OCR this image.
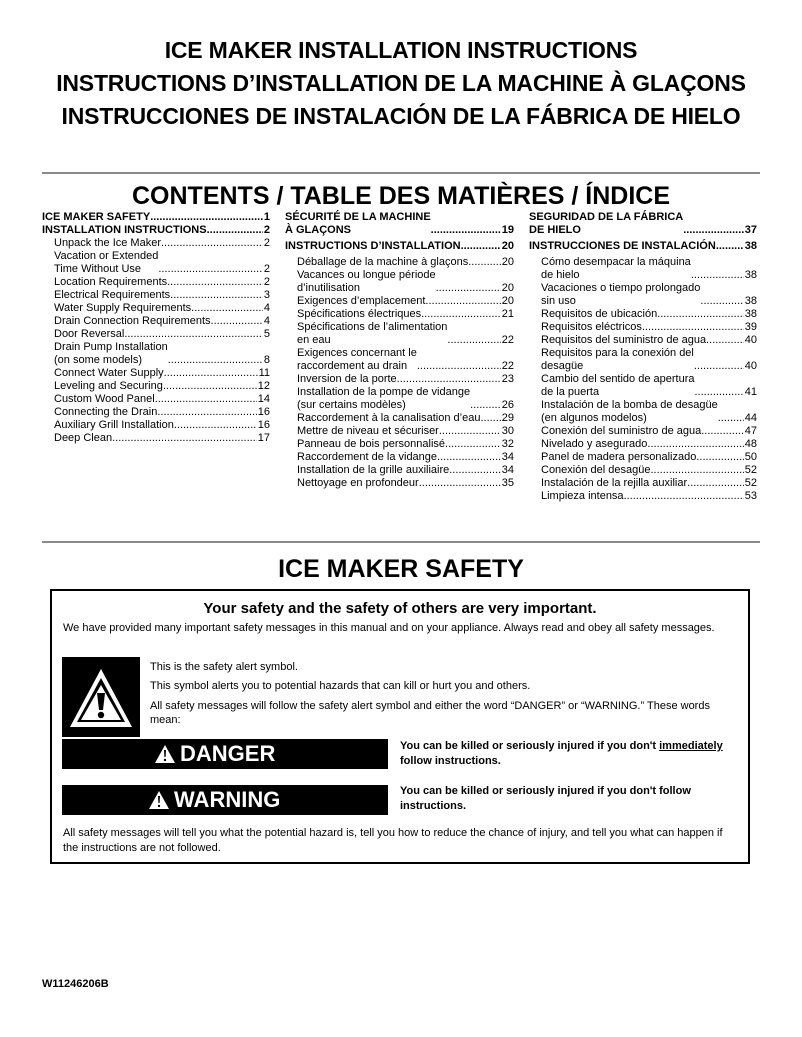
ICE MAKER INSTALLATION INSTRUCTIONS
INSTRUCTIONS D’INSTALLATION DE LA MACHINE À GLAÇONS
INSTRUCCIONES DE INSTALACIÓN DE LA FÁBRICA DE HIELO
CONTENTS / TABLE DES MATIÈRES / ÍNDICE
ICE MAKER SAFETY .....	1
INSTALLATION INSTRUCTIONS .....	2
Unpack the Ice Maker .....	2
Vacation or Extended
Time Without Use .....	2
Location Requirements .....	2
Electrical Requirements .....	3
Water Supply Requirements .....	4
Drain Connection Requirements .....	4
Door Reversal .....	5
Drain Pump Installation
(on some models) .....	8
Connect Water Supply .....	11
Leveling and Securing .....	12
Custom Wood Panel .....	14
Connecting the Drain .....	16
Auxiliary Grill Installation .....	16
Deep Clean .....	17
SÉCURITÉ DE LA MACHINE
À GLAÇONS .....	19
INSTRUCTIONS D’INSTALLATION .....	20
Déballage de la machine à glaçons .....	20
Vacances ou longue période
d’inutilisation .....	20
Exigences d’emplacement .....	20
Spécifications électriques .....	21
Spécifications de l’alimentation
en eau .....	22
Exigences concernant le
raccordement au drain .....	22
Inversion de la porte .....	23
Installation de la pompe de vidange
(sur certains modèles) .....	26
Raccordement à la canalisation d’eau ..... 29
Mettre de niveau et sécuriser .....	30
Panneau de bois personnalisé .....	32
Raccordement de la vidange .....	34
Installation de la grille auxiliaire .....	34
Nettoyage en profondeur .....	35
SEGURIDAD DE LA FÁBRICA
DE HIELO .....	37
INSTRUCCIONES DE INSTALACIÓN .....	38
Cómo desempacar la máquina
de hielo .....	38
Vacaciones o tiempo prolongado
sin uso .....	38
Requisitos de ubicación .....	38
Requisitos eléctricos .....	39
Requisitos del suministro de agua .....	40
Requisitos para la conexión del
desagüe .....	40
Cambio del sentido de apertura
de la puerta .....	41
Instalación de la bomba de desagüe
(en algunos modelos) .....	44
Conexión del suministro de agua .....	47
Nivelado y asegurado .....	48
Panel de madera personalizado .....	50
Conexión del desagüe .....	52
Instalación de la rejilla auxiliar .....	52
Limpieza intensa .....	53
ICE MAKER SAFETY
Your safety and the safety of others are very important.
We have provided many important safety messages in this manual and on your appliance. Always read and obey all safety messages.
This is the safety alert symbol.
This symbol alerts you to potential hazards that can kill or hurt you and others.
All safety messages will follow the safety alert symbol and either the word “DANGER” or “WARNING.” These words mean:
DANGER	You can be killed or seriously injured if you don't immediately follow instructions.
WARNING	You can be killed or seriously injured if you don't follow instructions.
All safety messages will tell you what the potential hazard is, tell you how to reduce the chance of injury, and tell you what can happen if the instructions are not followed.
W11246206B
